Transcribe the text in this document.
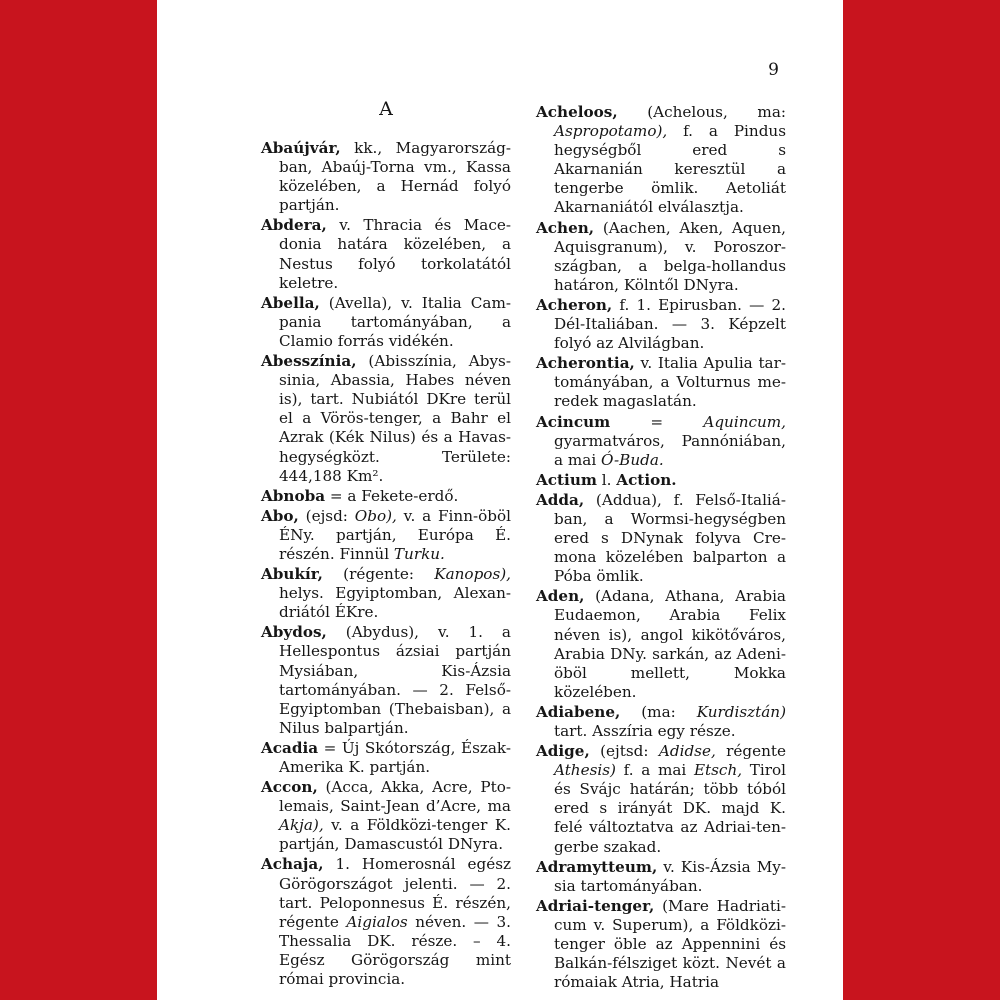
9
A
Abaújvár, kk., Magyarországban, Abaúj-Torna vm., Kassa közelében, a Hernád folyó partján.
Abdera, v. Thracia és Macedonia határa közelében, a Nestus folyó torkolatától keletre.
Abella, (Avella), v. Italia Campania tartományában, a Clamio forrás vidékén.
Abesszínia, (Abisszínia, Abyssinia, Abassia, Habes néven is), tart. Nubiától DKre terül el a Vörös-tenger, a Bahr el Azrak (Kék Nilus) és a Havashegységközt. Területe: 444,188 Km².
Abnoba = a Fekete-erdő.
Abo, (ejsd: Obo), v. a Finn-öböl ÉNy. partján, Európa É. részén. Finnül Turku.
Abukír, (régente: Kanopos), helys. Egyiptomban, Alexandriától ÉKre.
Abydos, (Abydus), v. 1. a Hellespontus ázsiai partján Mysiában, Kis-Ázsia tartományában. — 2. Felső-Egyiptomban (Thebaisban), a Nilus balpartján.
Acadia = Új Skótország, Észak-Amerika K. partján.
Accon, (Acca, Akka, Acre, Ptolemais, Saint-Jean d’Acre, ma Akja), v. a Földközi-tenger K. partján, Damascustól DNyra.
Achaja, 1. Homerosnál egész Görögországot jelenti. — 2. tart. Peloponnesus É. részén, régente Aigialos néven. — 3. Thessalia DK. része. – 4. Egész Görögország mint római provincia.
Acheloos, (Achelous, ma: Aspropotamo), f. a Pindus hegységből ered s Akarnanián keresztül a tengerbe ömlik. Aetoliát Akarnaniától elválasztja.
Achen, (Aachen, Aken, Aquen, Aquisgranum), v. Poroszországban, a belga-hollandus határon, Kölntől DNyra.
Acheron, f. 1. Epirusban. — 2. Dél-Italiában. — 3. Képzelt folyó az Alvilágban.
Acherontia, v. Italia Apulia tartományában, a Volturnus meredek magaslatán.
Acincum = Aquincum, gyarmatváros, Pannóniában, a mai Ó-Buda.
Actium l. Action.
Adda, (Addua), f. Felső-Italiában, a Wormsi-hegységben ered s DNynak folyva Cremona közelében balparton a Póba ömlik.
Aden, (Adana, Athana, Arabia Eudaemon, Arabia Felix néven is), angol kikötőváros, Arabia DNy. sarkán, az Adeni-öböl mellett, Mokka közelében.
Adiabene, (ma: Kurdisztán) tart. Asszíria egy része.
Adige, (ejtsd: Adidse, régente Athesis) f. a mai Etsch, Tirol és Svájc határán; több tóból ered s irányát DK. majd K. felé változtatva az Adriai-tengerbe szakad.
Adramytteum, v. Kis-Ázsia Mysia tartományában.
Adriai-tenger, (Mare Hadriaticum v. Superum), a Földközi-tenger öble az Appennini és Balkán-félsziget közt. Nevét a rómaiak Atria, Hatria
